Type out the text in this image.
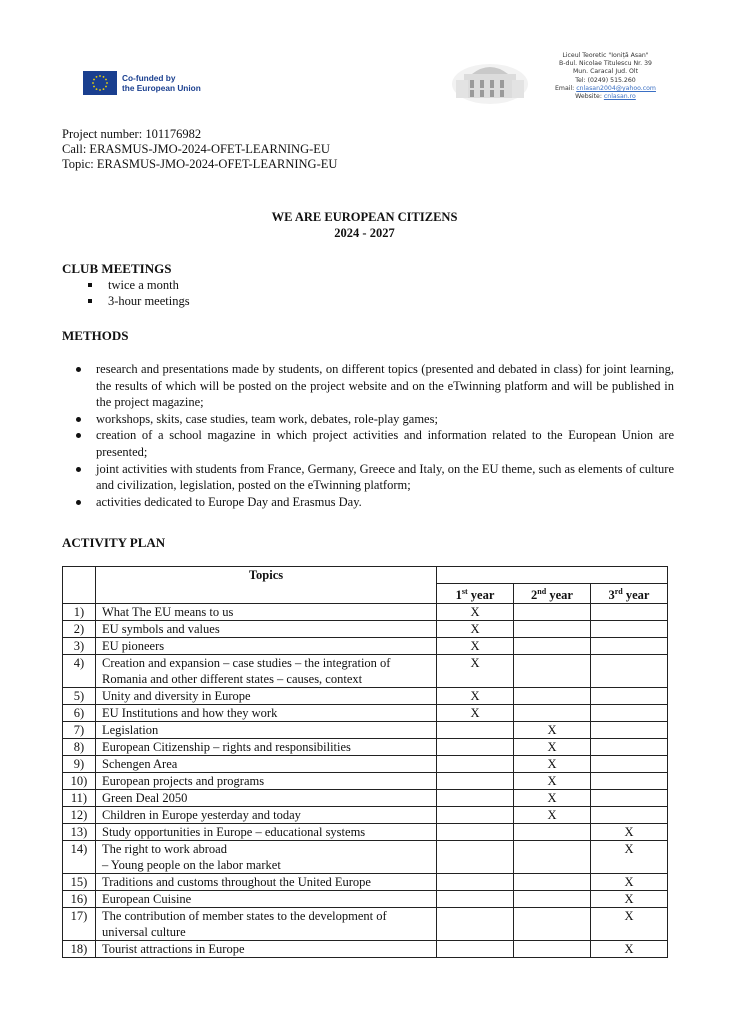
Co-funded by
the European Union
Liceul Teoretic "Ioniță Asan"
B-dul. Nicolae Titulescu Nr. 39
Mun. Caracal Jud. Olt
Tel: (0249) 515.260
Email: cnlasan2004@yahoo.com
Website: cnlasan.ro
Project number: 101176982
Call: ERASMUS-JMO-2024-OFET-LEARNING-EU
Topic: ERASMUS-JMO-2024-OFET-LEARNING-EU
WE ARE EUROPEAN CITIZENS
2024 - 2027
CLUB MEETINGS
twice a month
3-hour meetings
METHODS
research and presentations made by students, on different topics (presented and debated in class) for joint learning, the results of which will be posted on the project website and on the eTwinning platform and will be published in the project magazine;
workshops, skits, case studies, team work, debates, role-play games;
creation of a school magazine in which project activities and information related to the European Union are presented;
joint activities with students from France, Germany, Greece and Italy, on the EU theme, such as elements of culture and civilization, legislation, posted on the eTwinning platform;
activities dedicated to Europe Day and Erasmus Day.
ACTIVITY PLAN
	Topics			
		1st year	2nd year	3rd year
1)	What The EU means to us	X		
2)	EU symbols and values	X		
3)	EU pioneers	X		
4)	Creation and expansion – case studies – the integration of Romania and other different states – causes, context	X		
5)	Unity and diversity in Europe	X		
6)	EU Institutions and how they work	X		
7)	Legislation		X	
8)	European Citizenship – rights and responsibilities		X	
9)	Schengen Area		X	
10)	European projects and programs		X	
11)	Green Deal 2050		X	
12)	Children in Europe yesterday and today		X	
13)	Study opportunities in Europe – educational systems			X
14)	The right to work abroad
– Young people on the labor market			X
15)	Traditions and customs throughout the United Europe			X
16)	European Cuisine			X
17)	The contribution of member states to the development of universal culture			X
18)	Tourist attractions in Europe			X
